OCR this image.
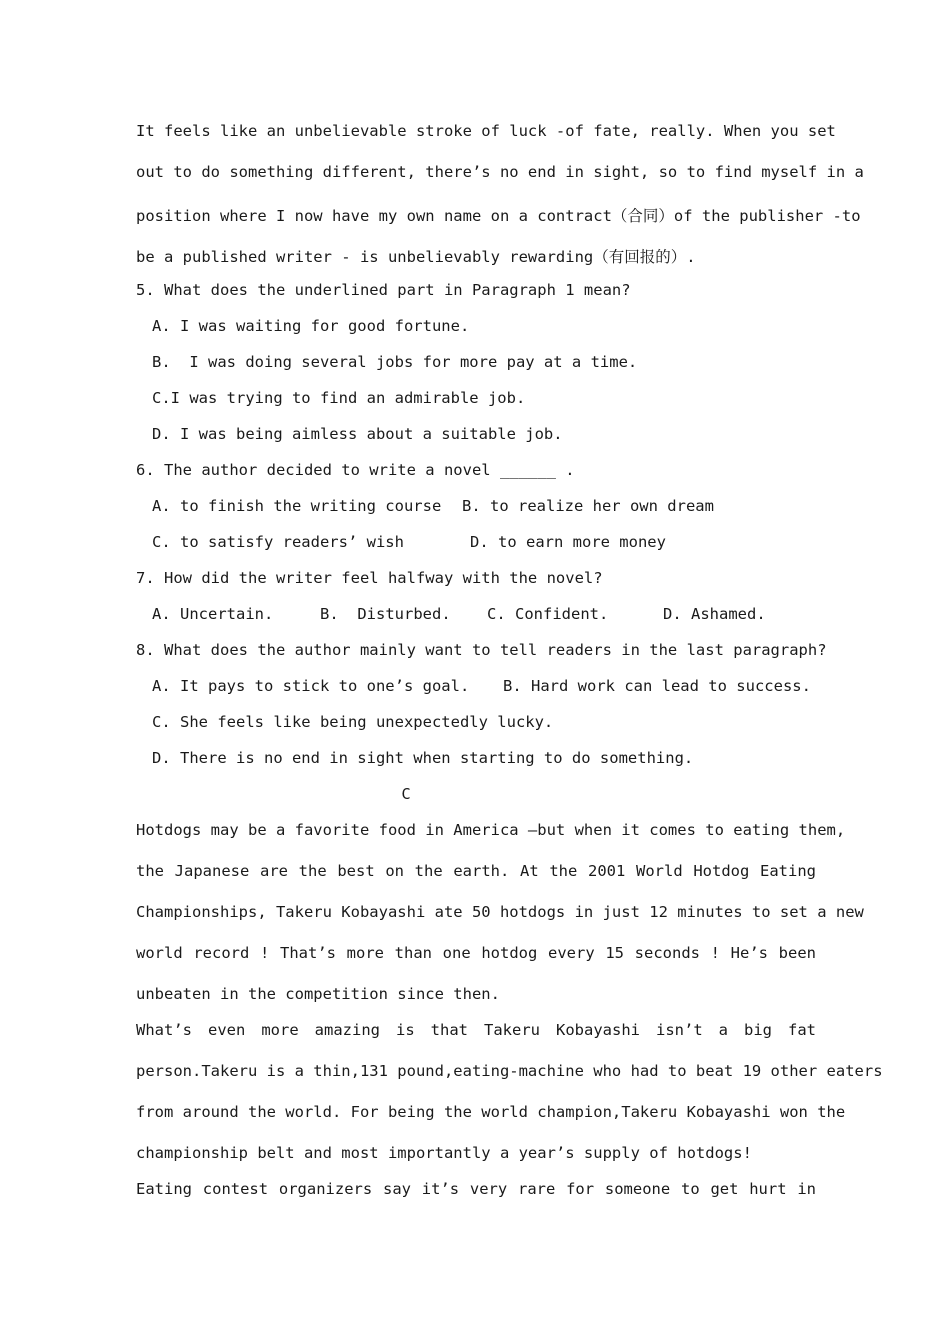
It feels like an unbelievable stroke of luck -of fate, really. When you set
out to do something different, there’s no end in sight, so to find myself in a
position where I now have my own name on a contract（合同）of the publisher -to
be a published writer - is unbelievably rewarding（有回报的）.
5. What does the underlined part in Paragraph 1 mean?
A. I was waiting for good fortune.
B.  I was doing several jobs for more pay at a time.
C.I was trying to find an admirable job.
D. I was being aimless about a suitable job.
6. The author decided to write a novel ______ .
A. to finish the writing course	B. to realize her own dream
C. to satisfy readers’ wish	D. to earn more money
7. How did the writer feel halfway with the novel?
A. Uncertain.	B.  Disturbed.	C. Confident.	D. Ashamed.
8. What does the author mainly want to tell readers in the last paragraph?
A. It pays to stick to one’s goal.	B. Hard work can lead to success.
C. She feels like being unexpectedly lucky.
D. There is no end in sight when starting to do something.
C
Hotdogs may be a favorite food in America —but when it comes to eating them,
the Japanese are the best on the earth. At the 2001 World Hotdog Eating
Championships, Takeru Kobayashi ate 50 hotdogs in just 12 minutes to set a new
world record ! That’s more than one hotdog every 15 seconds ! He’s been
unbeaten in the competition since then.
What’s even more amazing is that Takeru Kobayashi isn’t a big fat
person.Takeru is a thin,131 pound,eating-machine who had to beat 19 other eaters
from around the world. For being the world champion,Takeru Kobayashi won the
championship belt and most importantly a year’s supply of hotdogs!
Eating contest organizers say it’s very rare for someone to get hurt in
